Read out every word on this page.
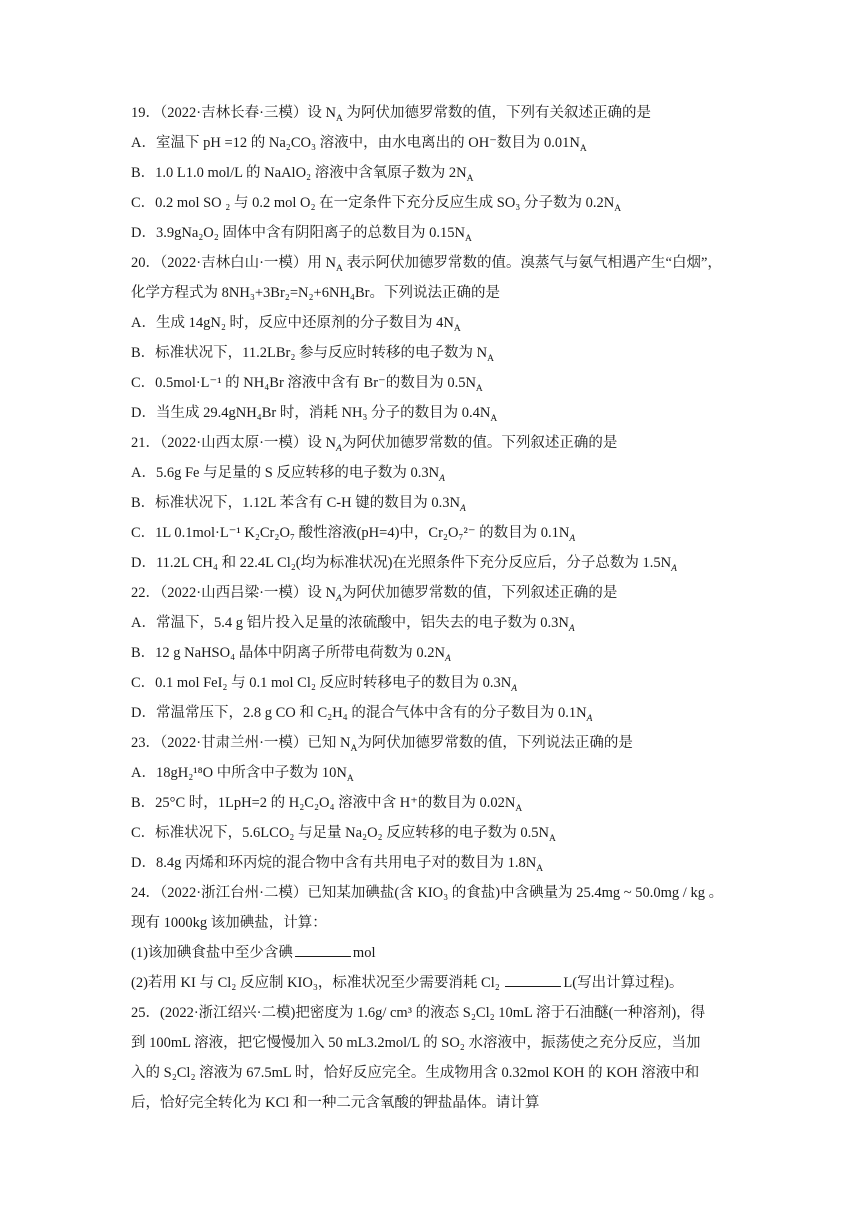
19．（2022·吉林长春·三模）设 $N_A$ 为阿伏加德罗常数的值，下列有关叙述正确的是
A．室温下 pH =12 的 Na₂CO₃ 溶液中，由水电离出的 OH⁻数目为 $0.01N_A$
B．1.0 L1.0 mol/L 的 NaAlO₂ 溶液中含氧原子数为 $2N_A$
C．0.2 mol SO ₂ 与 0.2 mol O₂ 在一定条件下充分反应生成 SO₃ 分子数为 $0.2N_A$
D．3.9gNa₂O₂ 固体中含有阴阳离子的总数目为 $0.15N_A$
20．（2022·吉林白山·一模）用 $N_A$ 表示阿伏加德罗常数的值。溴蒸气与氨气相遇产生“白烟”，
化学方程式为 8NH₃+3Br₂=N₂+6NH₄Br。下列说法正确的是
A．生成 14gN₂ 时，反应中还原剂的分子数目为 $4N_A$
B．标准状况下，11.2LBr₂ 参与反应时转移的电子数为 $N_A$
C．0.5mol·L⁻¹ 的 NH₄Br 溶液中含有 Br⁻的数目为 $0.5N_A$
D．当生成 29.4gNH₄Br 时，消耗 NH₃ 分子的数目为 $0.4N_A$
21．（2022·山西太原·一模）设 $N_A$为阿伏加德罗常数的值。下列叙述正确的是
A．5.6g Fe 与足量的 S 反应转移的电子数为 $0.3N_A$
B．标准状况下，1.12L 苯含有 C-H 键的数目为 $0.3N_A$
C．1L 0.1mol·L⁻¹ K₂Cr₂O₇ 酸性溶液(pH=4)中，Cr₂O₇²⁻ 的数目为 $0.1N_A$
D．11.2L CH₄ 和 22.4L Cl₂(均为标准状况)在光照条件下充分反应后，分子总数为 $1.5N_A$
22．（2022·山西吕梁·一模）设 $N_A$为阿伏加德罗常数的值，下列叙述正确的是
A．常温下，5.4 g 铝片投入足量的浓硫酸中，铝失去的电子数为 $0.3N_A$
B．12 g NaHSO₄ 晶体中阴离子所带电荷数为 $0.2N_A$
C．0.1 mol FeI₂ 与 0.1 mol Cl₂ 反应时转移电子的数目为 $0.3N_A$
D．常温常压下，2.8 g CO 和 C₂H₄ 的混合气体中含有的分子数目为 $0.1N_A$
23．（2022·甘肃兰州·一模）已知 $N_A$为阿伏加德罗常数的值，下列说法正确的是
A．18gH₂¹⁸O 中所含中子数为 $10N_A$
B．25°C 时，1LpH=2 的 H₂C₂O₄ 溶液中含 H⁺的数目为 $0.02N_A$
C．标准状况下，5.6LCO₂ 与足量 Na₂O₂ 反应转移的电子数为 $0.5N_A$
D．8.4g 丙烯和环丙烷的混合物中含有共用电子对的数目为 $1.8N_A$
24．（2022·浙江台州·二模）已知某加碘盐(含 KIO₃ 的食盐)中含碘量为 25.4mg ~ 50.0mg / kg 。
现有 1000kg 该加碘盐，计算：
(1)该加碘食盐中至少含碘	mol
(2)若用 KI 与 Cl₂ 反应制 KIO₃，标准状况至少需要消耗 Cl₂	L(写出计算过程)。
25．(2022·浙江绍兴·二模)把密度为 1.6g/ cm³ 的液态 S₂Cl₂ 10mL 溶于石油醚(一种溶剂)，得
到 100mL 溶液，把它慢慢加入 50 mL3.2mol/L 的 SO₂ 水溶液中，振荡使之充分反应，当加
入的 S₂Cl₂ 溶液为 67.5mL 时，恰好反应完全。生成物用含 0.32mol KOH 的 KOH 溶液中和
后，恰好完全转化为 KCl 和一种二元含氧酸的钾盐晶体。请计算
